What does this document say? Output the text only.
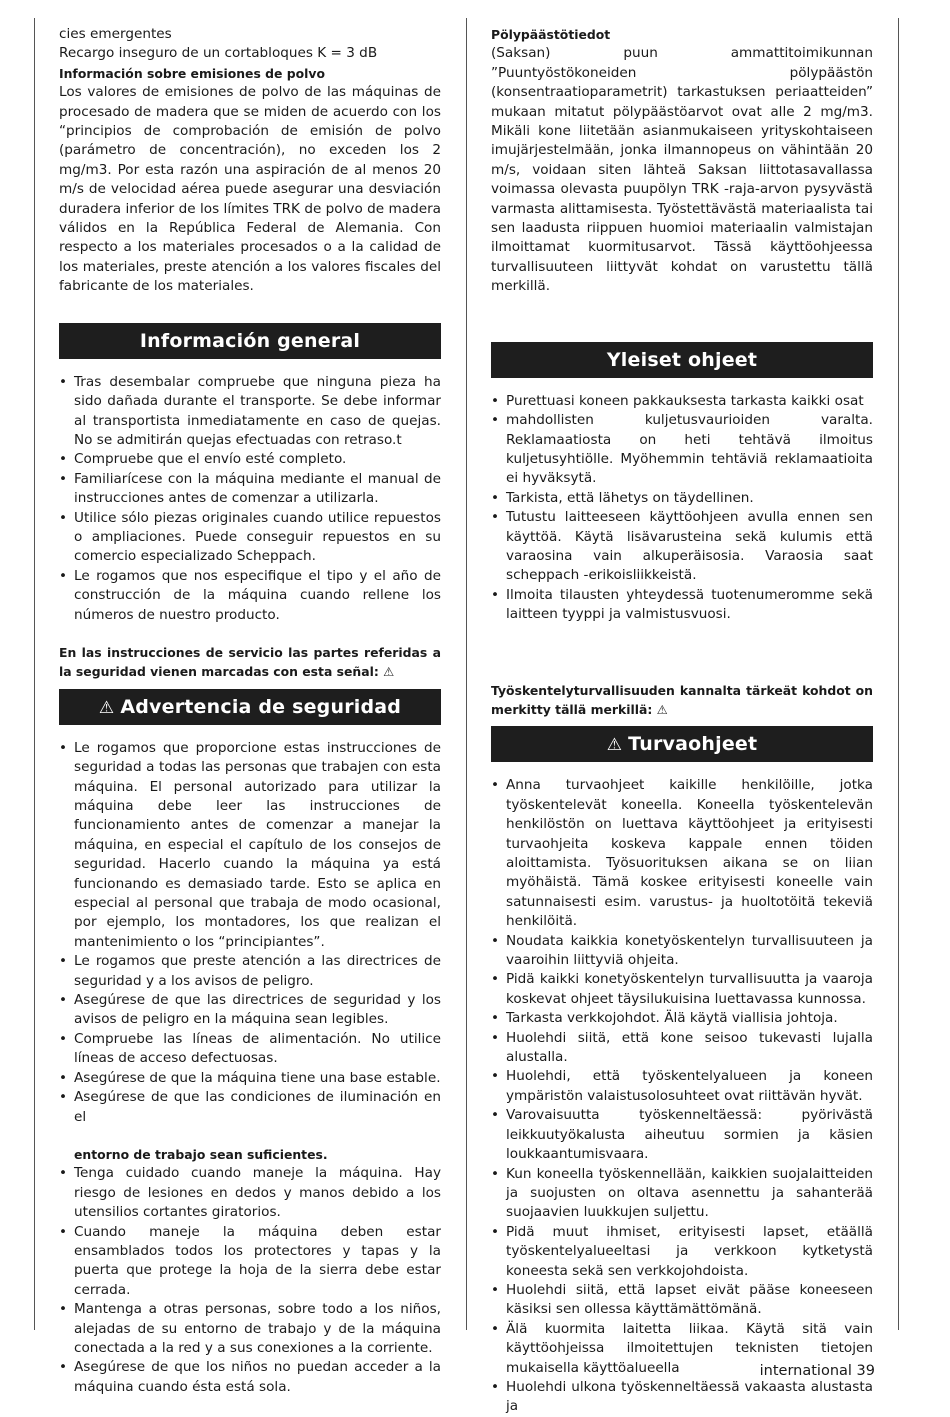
cies emergentes

Recargo inseguro de un cortabloques K = 3 dB

Información sobre emisiones de polvo

Los valores de emisiones de polvo de las máquinas de procesado de madera que se miden de acuerdo con los “principios de comprobación de emisión de polvo (parámetro de concentración), no exceden los 2 mg/m3. Por esta razón una aspiración de al menos 20 m/s de velocidad aérea puede asegurar una desviación duradera inferior de los límites TRK de polvo de madera válidos en la República Federal de Alemania. Con respecto a los materiales procesados o a la calidad de los materiales, preste atención a los valores fiscales del fabricante de los materiales.

Información general
• Tras desembalar compruebe que ninguna pieza ha sido dañada durante el transporte. Se debe informar al transportista inmediatamente en caso de quejas. No se admitirán quejas efectuadas con retraso.t
• Compruebe que el envío esté completo.
• Familiarícese con la máquina mediante el manual de instrucciones antes de comenzar a utilizarla.
• Utilice sólo piezas originales cuando utilice repuestos o ampliaciones. Puede conseguir repuestos en su comercio especializado Scheppach.
• Le rogamos que nos especifique el tipo y el año de construcción de la máquina cuando rellene los números de nuestro producto.

En las instrucciones de servicio las partes referidas a la seguridad vienen marcadas con esta señal: ⚠

⚠ Advertencia de seguridad
• Le rogamos que proporcione estas instrucciones de seguridad a todas las personas que trabajen con esta máquina. El personal autorizado para utilizar la máquina debe leer las instrucciones de funcionamiento antes de comenzar a manejar la máquina, en especial el capítulo de los consejos de seguridad. Hacerlo cuando la máquina ya está funcionando es demasiado tarde. Esto se aplica en especial al personal que trabaja de modo ocasional, por ejemplo, los montadores, los que realizan el mantenimiento o los “principiantes”.
• Le rogamos que preste atención a las directrices de seguridad y a los avisos de peligro.
• Asegúrese de que las directrices de seguridad y los avisos de peligro en la máquina sean legibles.
• Compruebe las líneas de alimentación. No utilice líneas de acceso defectuosas.
• Asegúrese de que la máquina tiene una base estable.
• Asegúrese de que las condiciones de iluminación en el

entorno de trabajo sean suficientes.

• Tenga cuidado cuando maneje la máquina. Hay riesgo de lesiones en dedos y manos debido a los utensilios cortantes giratorios.
• Cuando maneje la máquina deben estar ensamblados todos los protectores y tapas y la puerta que protege la hoja de la sierra debe estar cerrada.
• Mantenga a otras personas, sobre todo a los niños, alejadas de su entorno de trabajo y de la máquina conectada a la red y a sus conexiones a la corriente.
• Asegúrese de que los niños no puedan acceder a la máquina cuando ésta está sola.

Pölypäästötiedot

(Saksan) puun ammattitoimikunnan ”Puuntyöstökoneiden pölypäästön (konsentraatioparametrit) tarkastuksen periaatteiden” mukaan mitatut pölypäästöarvot ovat alle 2 mg/m3. Mikäli kone liitetään asianmukaiseen yrityskohtaiseen imujärjestelmään, jonka ilmannopeus on vähintään 20 m/s, voidaan siten lähteä Saksan liittotasavallassa voimassa olevasta puupölyn TRK -raja-arvon pysyvästä varmasta alittamisesta. Työstettävästä materiaalista tai sen laadusta riippuen huomioi materiaalin valmistajan ilmoittamat kuormitusarvot. Tässä käyttöohjeessa turvallisuuteen liittyvät kohdat on varustettu tällä merkillä.

Yleiset ohjeet
• Purettuasi koneen pakkauksesta tarkasta kaikki osat
• mahdollisten kuljetusvaurioiden varalta. Reklamaatiosta on heti tehtävä ilmoitus kuljetusyhtiölle. Myöhemmin tehtäviä reklamaatioita ei hyväksytä.
• Tarkista, että lähetys on täydellinen.
• Tutustu laitteeseen käyttöohjeen avulla ennen sen käyttöä. Käytä lisävarusteina sekä kulumis että varaosina vain alkuperäisosia. Varaosia saat scheppach -erikoisliikkeistä.
• Ilmoita tilausten yhteydessä tuotenumeromme sekä laitteen tyyppi ja valmistusvuosi.

Työskentelyturvallisuuden kannalta tärkeät kohdot on merkitty tällä merkillä: ⚠

⚠ Turvaohjeet
• Anna turvaohjeet kaikille henkilöille, jotka työskentelevät koneella. Koneella työskentelevän henkilöstön on luettava käyttöohjeet ja erityisesti turvaohjeita koskeva kappale ennen töiden aloittamista. Työsuorituksen aikana se on liian myöhäistä. Tämä koskee erityisesti koneelle vain satunnaisesti esim. varustus- ja huoltotöitä tekeviä henkilöitä.
• Noudata kaikkia konetyöskentelyn turvallisuuteen ja vaaroihin liittyviä ohjeita.
• Pidä kaikki konetyöskentelyn turvallisuutta ja vaaroja koskevat ohjeet täysilukuisina luettavassa kunnossa.
• Tarkasta verkkojohdot. Älä käytä viallisia johtoja.
• Huolehdi siitä, että kone seisoo tukevasti lujalla alustalla.
• Huolehdi, että työskentelyalueen ja koneen ympäristön valaistusolosuhteet ovat riittävän hyvät.
• Varovaisuutta työskenneltäessä: pyörivästä leikkuutyökalusta aiheutuu sormien ja käsien loukkaantumisvaara.
• Kun koneella työskennellään, kaikkien suojalaitteiden ja suojusten on oltava asennettu ja sahanterää suojaavien luukkujen suljettu.
• Pidä muut ihmiset, erityisesti lapset, etäällä työskentelyalueeltasi ja verkkoon kytketystä koneesta sekä sen verkkojohdoista.
• Huolehdi siitä, että lapset eivät pääse koneeseen käsiksi sen ollessa käyttämättömänä.
• Älä kuormita laitetta liikaa. Käytä sitä vain käyttöohjeissa ilmoitettujen teknisten tietojen mukaisella käyttöalueella
• Huolehdi ulkona työskenneltäessä vakaasta alustasta ja
international 39
